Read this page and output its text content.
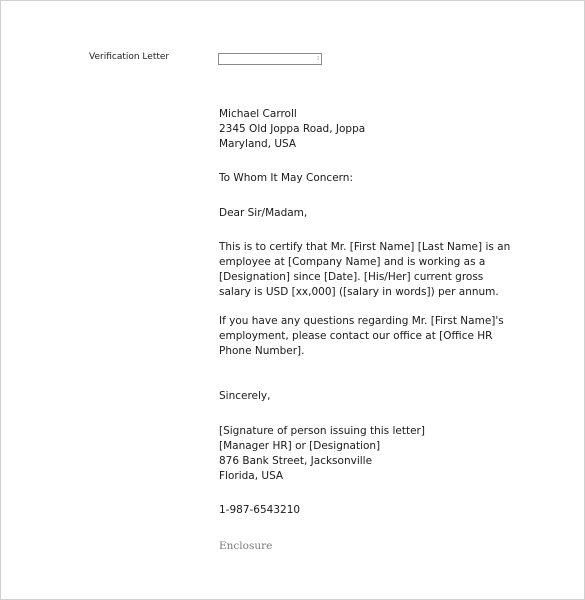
Verification Letter	⁝
Michael Carroll
2345 Old Joppa Road, Joppa
Maryland, USA
To Whom It May Concern:
Dear Sir/Madam,
This is to certify that Mr. [First Name] [Last Name] is an
employee at [Company Name] and is working as a
[Designation] since [Date]. [His/Her] current gross
salary is USD [xx,000] ([salary in words]) per annum.
If you have any questions regarding Mr. [First Name]'s
employment, please contact our office at [Office HR
Phone Number].
Sincerely,
[Signature of person issuing this letter]
[Manager HR] or [Designation]
876 Bank Street, Jacksonville
Florida, USA
1-987-6543210
Enclosure
